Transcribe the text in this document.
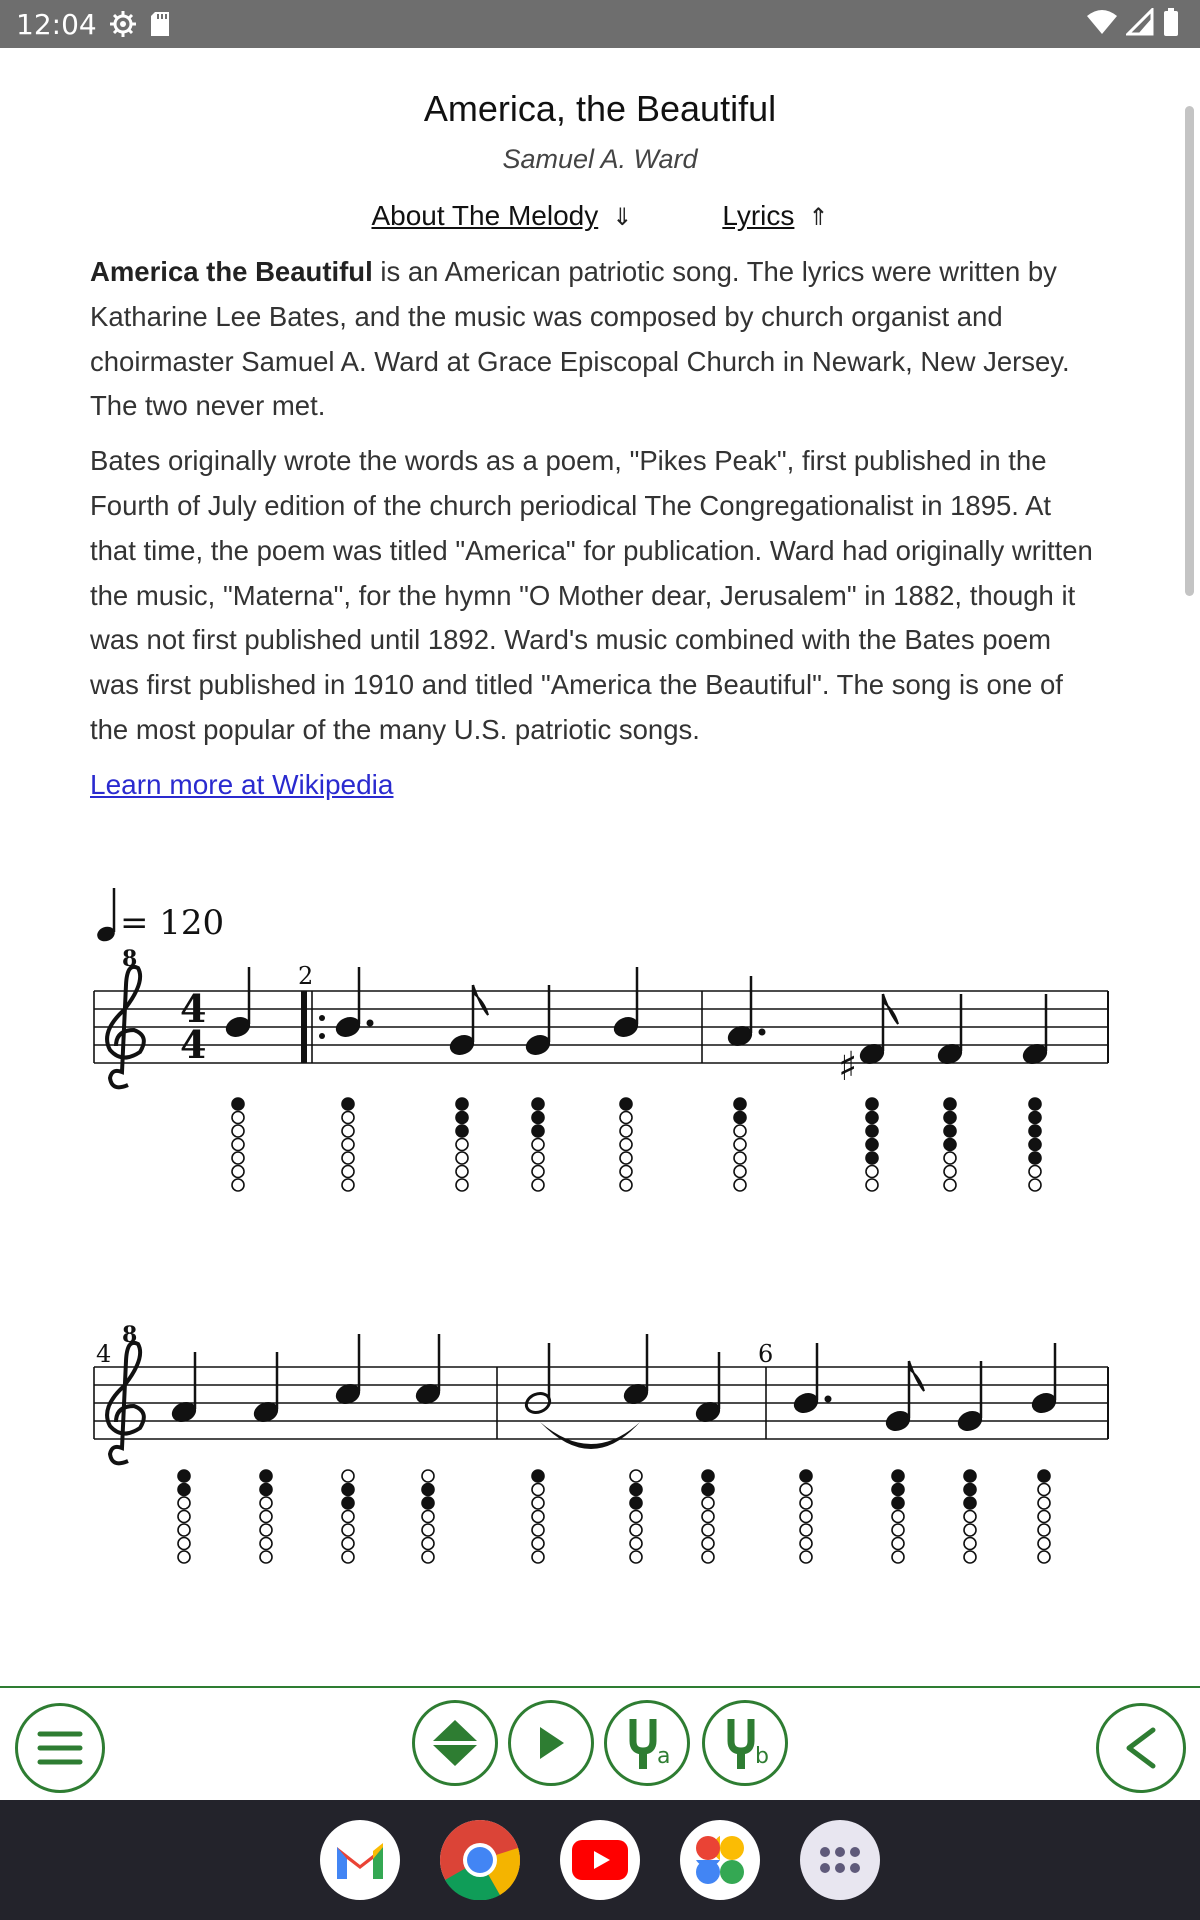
12:04
America, the Beautiful
Samuel A. Ward
About The Melody ⇓	Lyrics ⇑

America the Beautiful is an American patriotic song. The lyrics were written by Katharine Lee Bates, and the music was composed by church organist and choirmaster Samuel A. Ward at Grace Episcopal Church in Newark, New Jersey. The two never met.

Bates originally wrote the words as a poem, "Pikes Peak", first published in the Fourth of July edition of the church periodical The Congregationalist in 1895. At that time, the poem was titled "America" for publication. Ward had originally written the music, "Materna", for the hymn "O Mother dear, Jerusalem" in 1882, though it was not first published until 1892. Ward's music combined with the Bates poem was first published in 1910 and titled "America the Beautiful". The song is one of the most popular of the many U.S. patriotic songs.

Learn more at Wikipedia
= 120
8
4
4
2
♯
8
4	6
a	b
